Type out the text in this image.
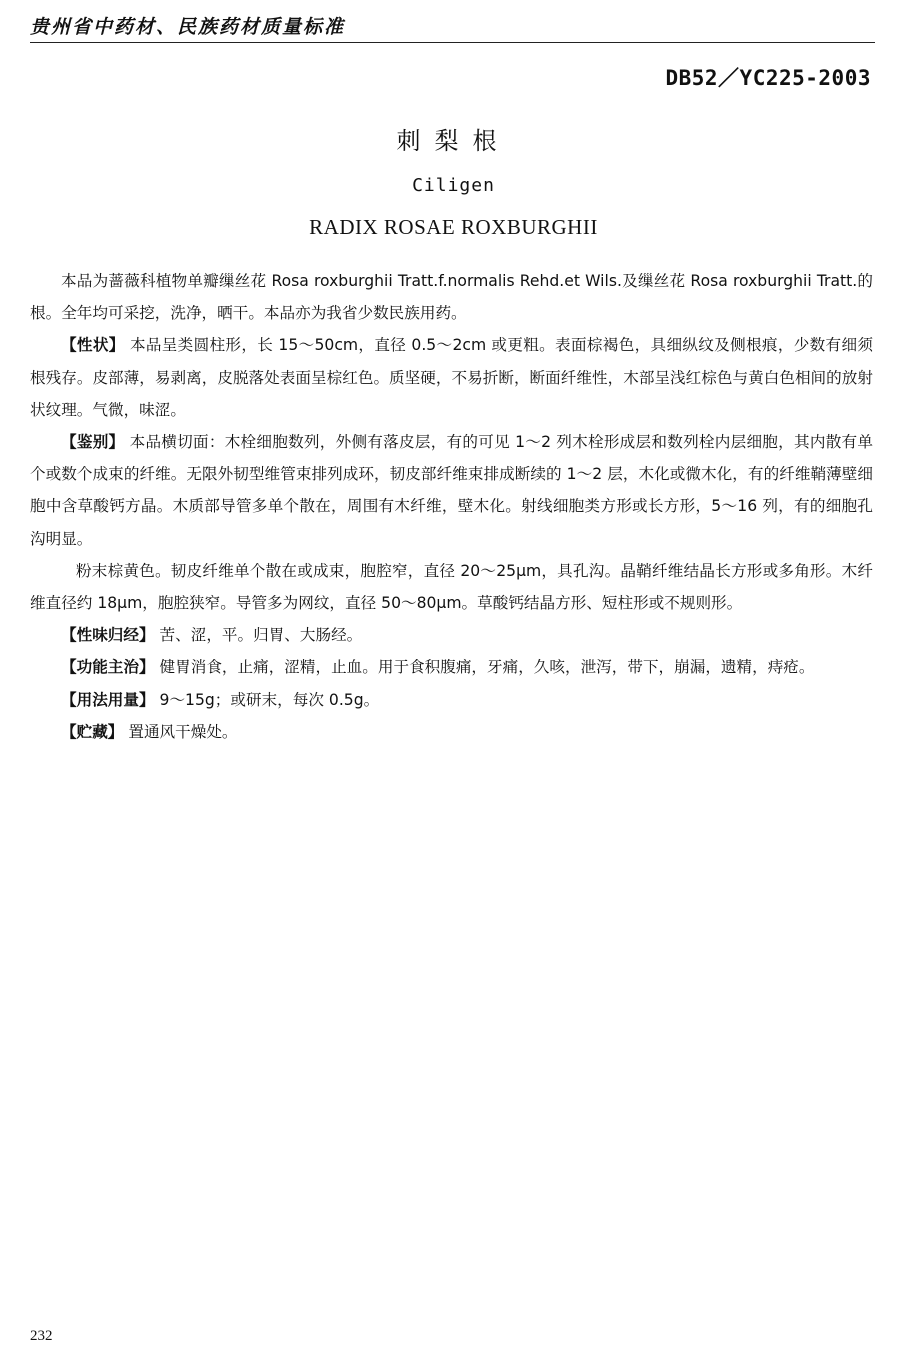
贵州省中药材、民族药材质量标准
DB52／YC225-2003
刺梨根
Ciligen
RADIX ROSAE ROXBURGHII

本品为蔷薇科植物单瓣缫丝花 Rosa roxburghii Tratt.f.normalis Rehd.et Wils.及缫丝花 Rosa roxburghii Tratt.的根。全年均可采挖，洗净，晒干。本品亦为我省少数民族用药。

【性状】 本品呈类圆柱形，长 15～50cm，直径 0.5～2cm 或更粗。表面棕褐色，具细纵纹及侧根痕，少数有细须根残存。皮部薄，易剥离，皮脱落处表面呈棕红色。质坚硬，不易折断，断面纤维性，木部呈浅红棕色与黄白色相间的放射状纹理。气微，味涩。

【鉴别】 本品横切面：木栓细胞数列，外侧有落皮层，有的可见 1～2 列木栓形成层和数列栓内层细胞，其内散有单个或数个成束的纤维。无限外韧型维管束排列成环，韧皮部纤维束排成断续的 1～2 层，木化或微木化，有的纤维鞘薄壁细胞中含草酸钙方晶。木质部导管多单个散在，周围有木纤维，壁木化。射线细胞类方形或长方形，5～16 列，有的细胞孔沟明显。

粉末棕黄色。韧皮纤维单个散在或成束，胞腔窄，直径 20～25μm，具孔沟。晶鞘纤维结晶长方形或多角形。木纤维直径约 18μm，胞腔狭窄。导管多为网纹，直径 50～80μm。草酸钙结晶方形、短柱形或不规则形。

【性味归经】 苦、涩，平。归胃、大肠经。

【功能主治】 健胃消食，止痛，涩精，止血。用于食积腹痛，牙痛，久咳，泄泻，带下，崩漏，遗精，痔疮。

【用法用量】 9～15g；或研末，每次 0.5g。

【贮藏】 置通风干燥处。

232
